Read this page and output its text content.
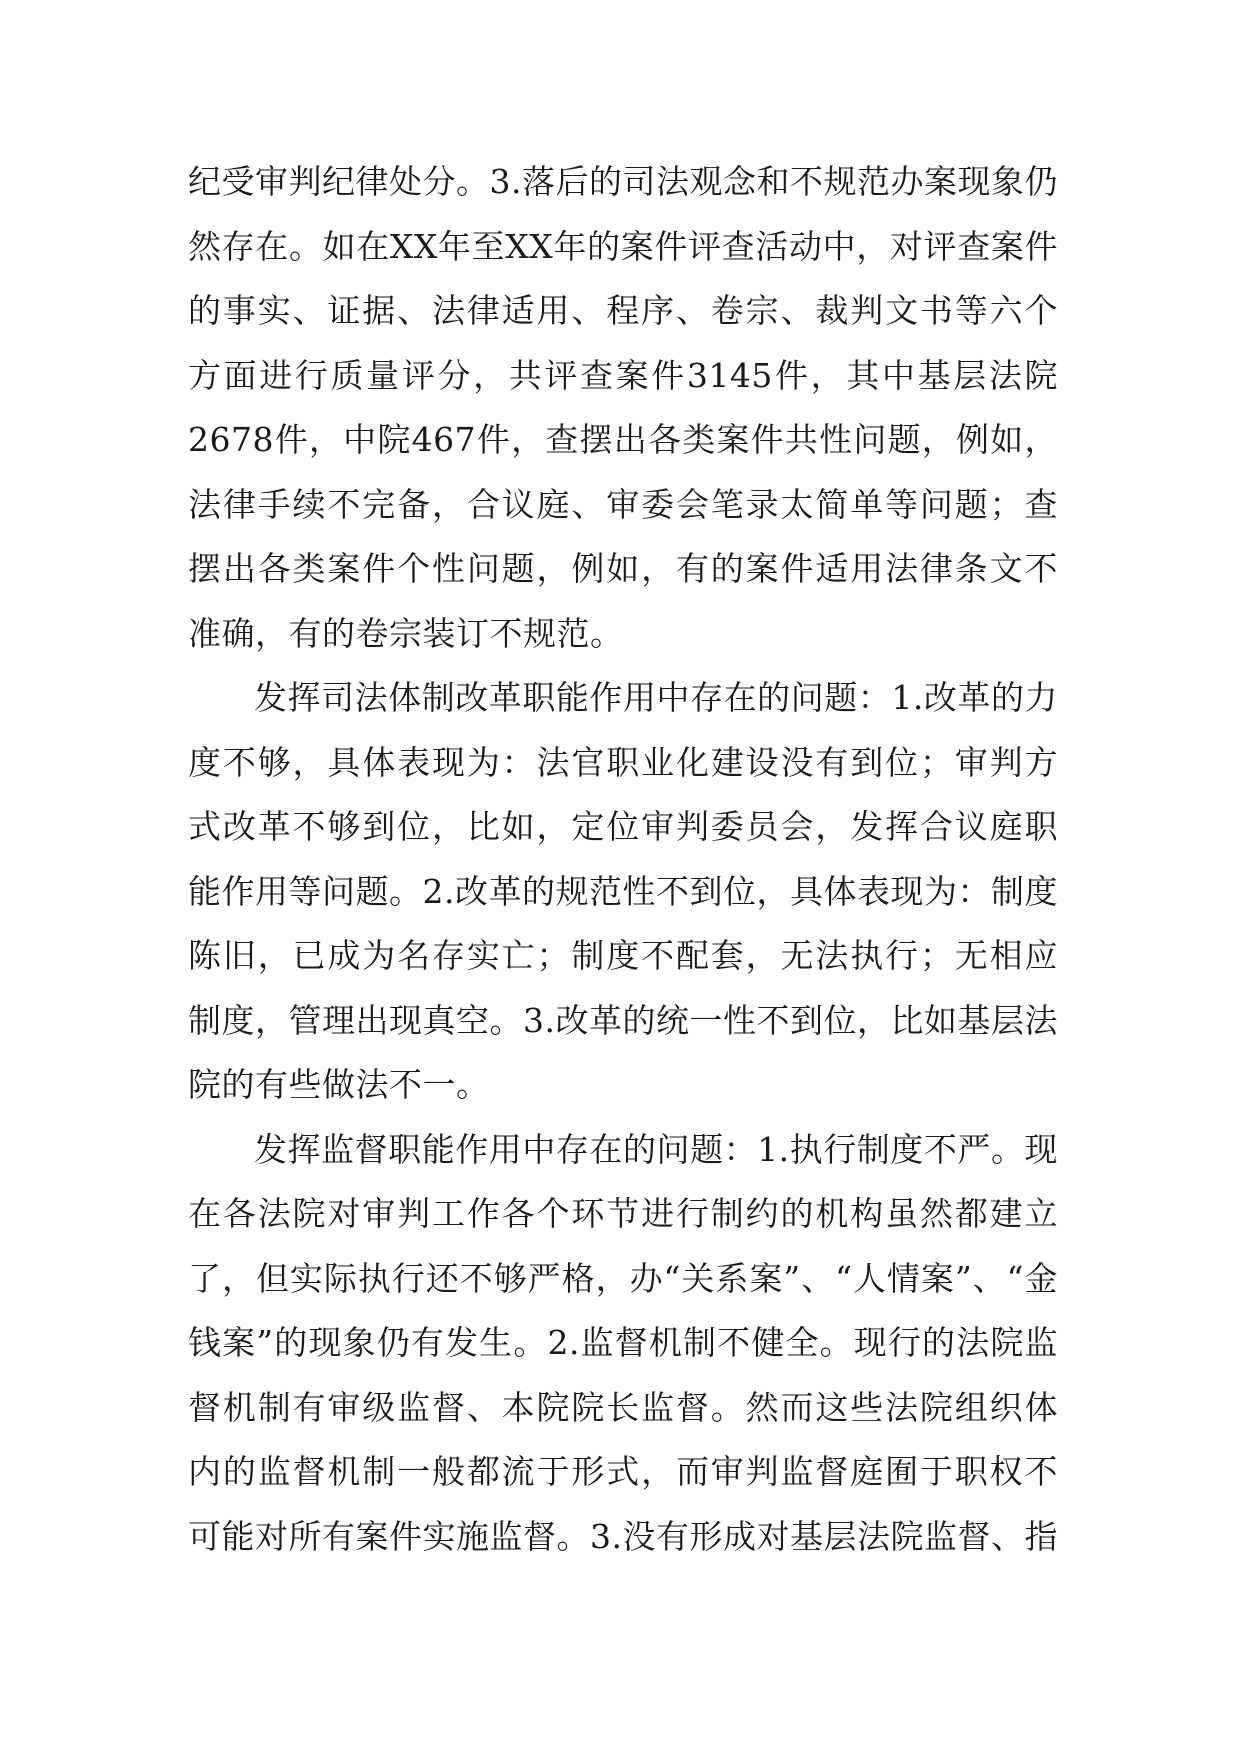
纪受审判纪律处分。3.落后的司法观念和不规范办案现象仍然存在。如在XX年至XX年的案件评查活动中，对评查案件的事实、证据、法律适用、程序、卷宗、裁判文书等六个方面进行质量评分，共评查案件3145件，其中基层法院2678件，中院467件，查摆出各类案件共性问题，例如，法律手续不完备，合议庭、审委会笔录太简单等问题；查摆出各类案件个性问题，例如，有的案件适用法律条文不准确，有的卷宗装订不规范。

发挥司法体制改革职能作用中存在的问题：1.改革的力度不够，具体表现为：法官职业化建设没有到位；审判方式改革不够到位，比如，定位审判委员会，发挥合议庭职能作用等问题。2.改革的规范性不到位，具体表现为：制度陈旧，已成为名存实亡；制度不配套，无法执行；无相应制度，管理出现真空。3.改革的统一性不到位，比如基层法院的有些做法不一。

发挥监督职能作用中存在的问题：1.执行制度不严。现在各法院对审判工作各个环节进行制约的机构虽然都建立了，但实际执行还不够严格，办“关系案”、“人情案”、“金钱案”的现象仍有发生。2.监督机制不健全。现行的法院监督机制有审级监督、本院院长监督。然而这些法院组织体内的监督机制一般都流于形式，而审判监督庭囿于职权不可能对所有案件实施监督。3.没有形成对基层法院监督、指
